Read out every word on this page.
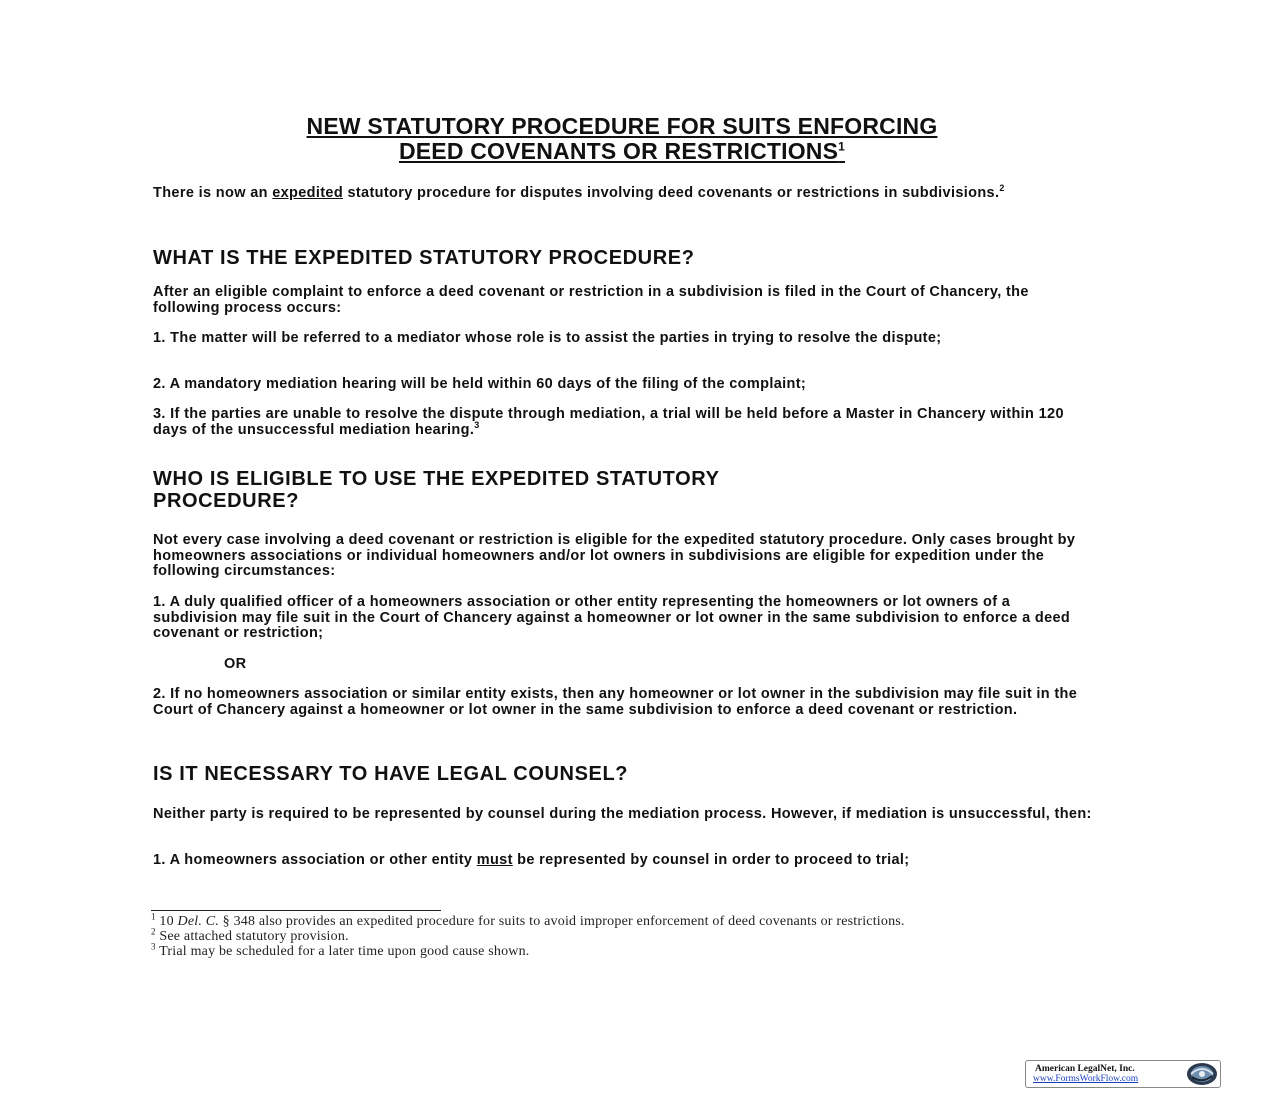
NEW STATUTORY PROCEDURE FOR SUITS ENFORCING
DEED COVENANTS OR RESTRICTIONS$^1$
There is now an expedited statutory procedure for disputes involving deed covenants or restrictions in subdivisions.$^2$
WHAT IS THE EXPEDITED STATUTORY PROCEDURE?
After an eligible complaint to enforce a deed covenant or restriction in a subdivision is filed in the Court of Chancery, the following process occurs:
1. The matter will be referred to a mediator whose role is to assist the parties in trying to resolve the dispute;
2. A mandatory mediation hearing will be held within 60 days of the filing of the complaint;
3. If the parties are unable to resolve the dispute through mediation, a trial will be held before a Master in Chancery within 120 days of the unsuccessful mediation hearing.$^3$
WHO IS ELIGIBLE TO USE THE EXPEDITED STATUTORY
PROCEDURE?
Not every case involving a deed covenant or restriction is eligible for the expedited statutory procedure. Only cases brought by homeowners associations or individual homeowners and/or lot owners in subdivisions are eligible for expedition under the following circumstances:
1. A duly qualified officer of a homeowners association or other entity representing the homeowners or lot owners of a subdivision may file suit in the Court of Chancery against a homeowner or lot owner in the same subdivision to enforce a deed covenant or restriction;
OR
2. If no homeowners association or similar entity exists, then any homeowner or lot owner in the subdivision may file suit in the Court of Chancery against a homeowner or lot owner in the same subdivision to enforce a deed covenant or restriction.
IS IT NECESSARY TO HAVE LEGAL COUNSEL?
Neither party is required to be represented by counsel during the mediation process. However, if mediation is unsuccessful, then:
1. A homeowners association or other entity must be represented by counsel in order to proceed to trial;
$^1$ 10 Del. C. § 348 also provides an expedited procedure for suits to avoid improper enforcement of deed covenants or restrictions.
$^2$ See attached statutory provision.
$^3$ Trial may be scheduled for a later time upon good cause shown.
American LegalNet, Inc.
www.FormsWorkFlow.com
